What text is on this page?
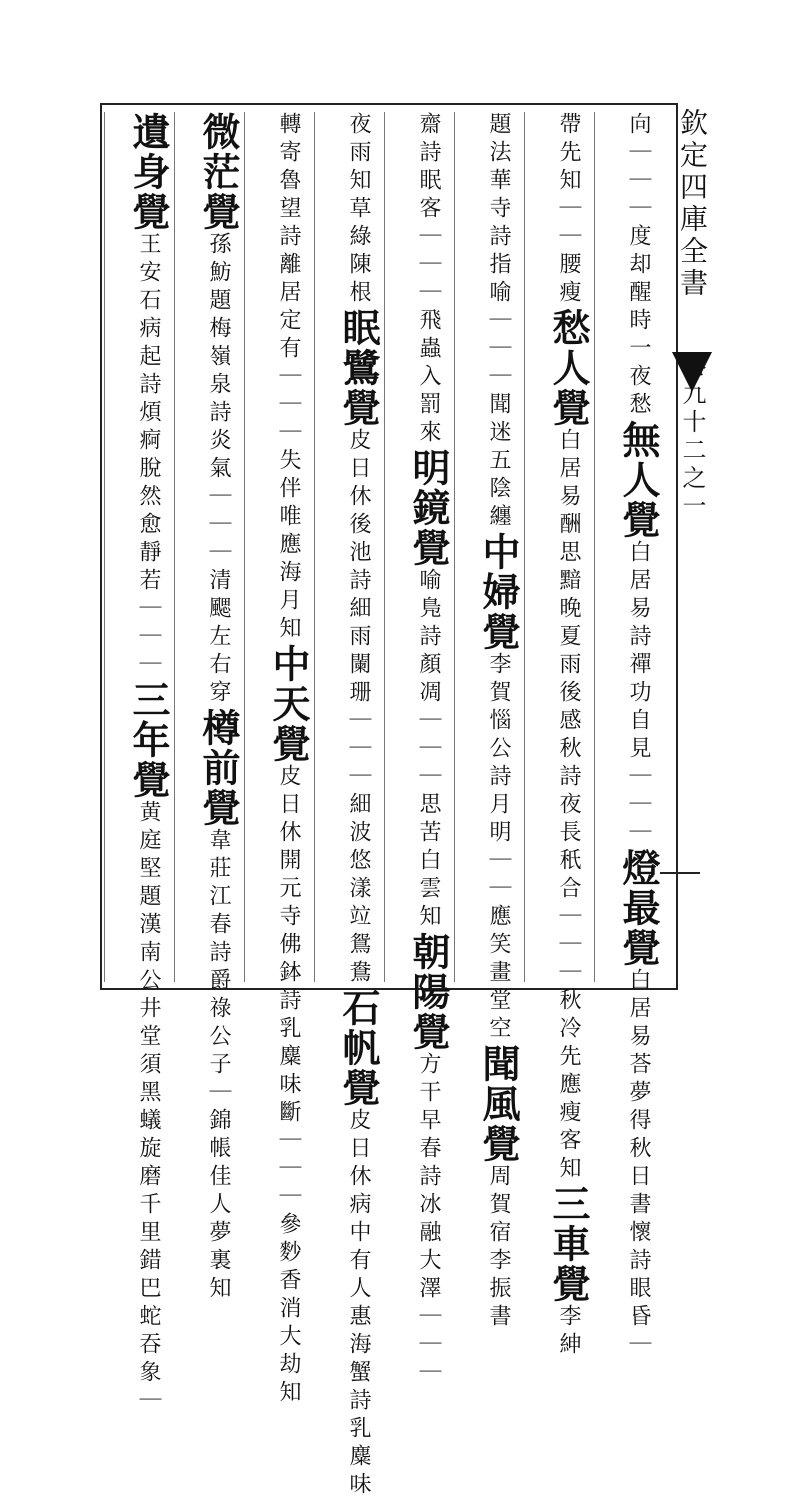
欽定四庫全書 卷九十二之一
向｜｜｜度却醒時一夜愁無人覺白居易詩禪功自見｜｜｜燈最覺白居易荅夢得秋日書懷詩眼昏｜
帶先知｜｜腰瘦愁人覺白居易酬思黯晚夏雨後感秋詩夜長秖合｜｜｜秋冷先應瘦客知三車覺李紳
題法華寺詩指喻｜｜｜聞迷五陰纏中婦覺李賀惱公詩月明｜｜應笑畫堂空聞風覺周賀宿李振書
齋詩眠客｜｜｜飛蟲入罰來明鏡覺喻鳬詩顏凋｜｜｜思苦白雲知朝陽覺方干早春詩冰融大澤｜｜｜
夜雨知草綠陳根眠鷺覺皮日休後池詩細雨闌珊｜｜｜細波悠漾竝鴛鴦石帆覺皮日休病中有人惠海蟹詩乳麋味
轉寄魯望詩離居定有｜｜｜失伴唯應海月知中天覺皮日休開元寺佛鉢詩乳麋味斷｜｜｜參麨香消大劫知
微茫覺孫魴題梅嶺泉詩炎氣｜｜｜清颸左右穿樽前覺韋莊江春詩爵祿公子｜錦帳佳人夢裏知
遺身覺王安石病起詩煩痾脫然愈靜若｜｜｜三年覺黄庭堅題漢南公井堂須黑蟻旋磨千里錯巴蛇吞象｜
